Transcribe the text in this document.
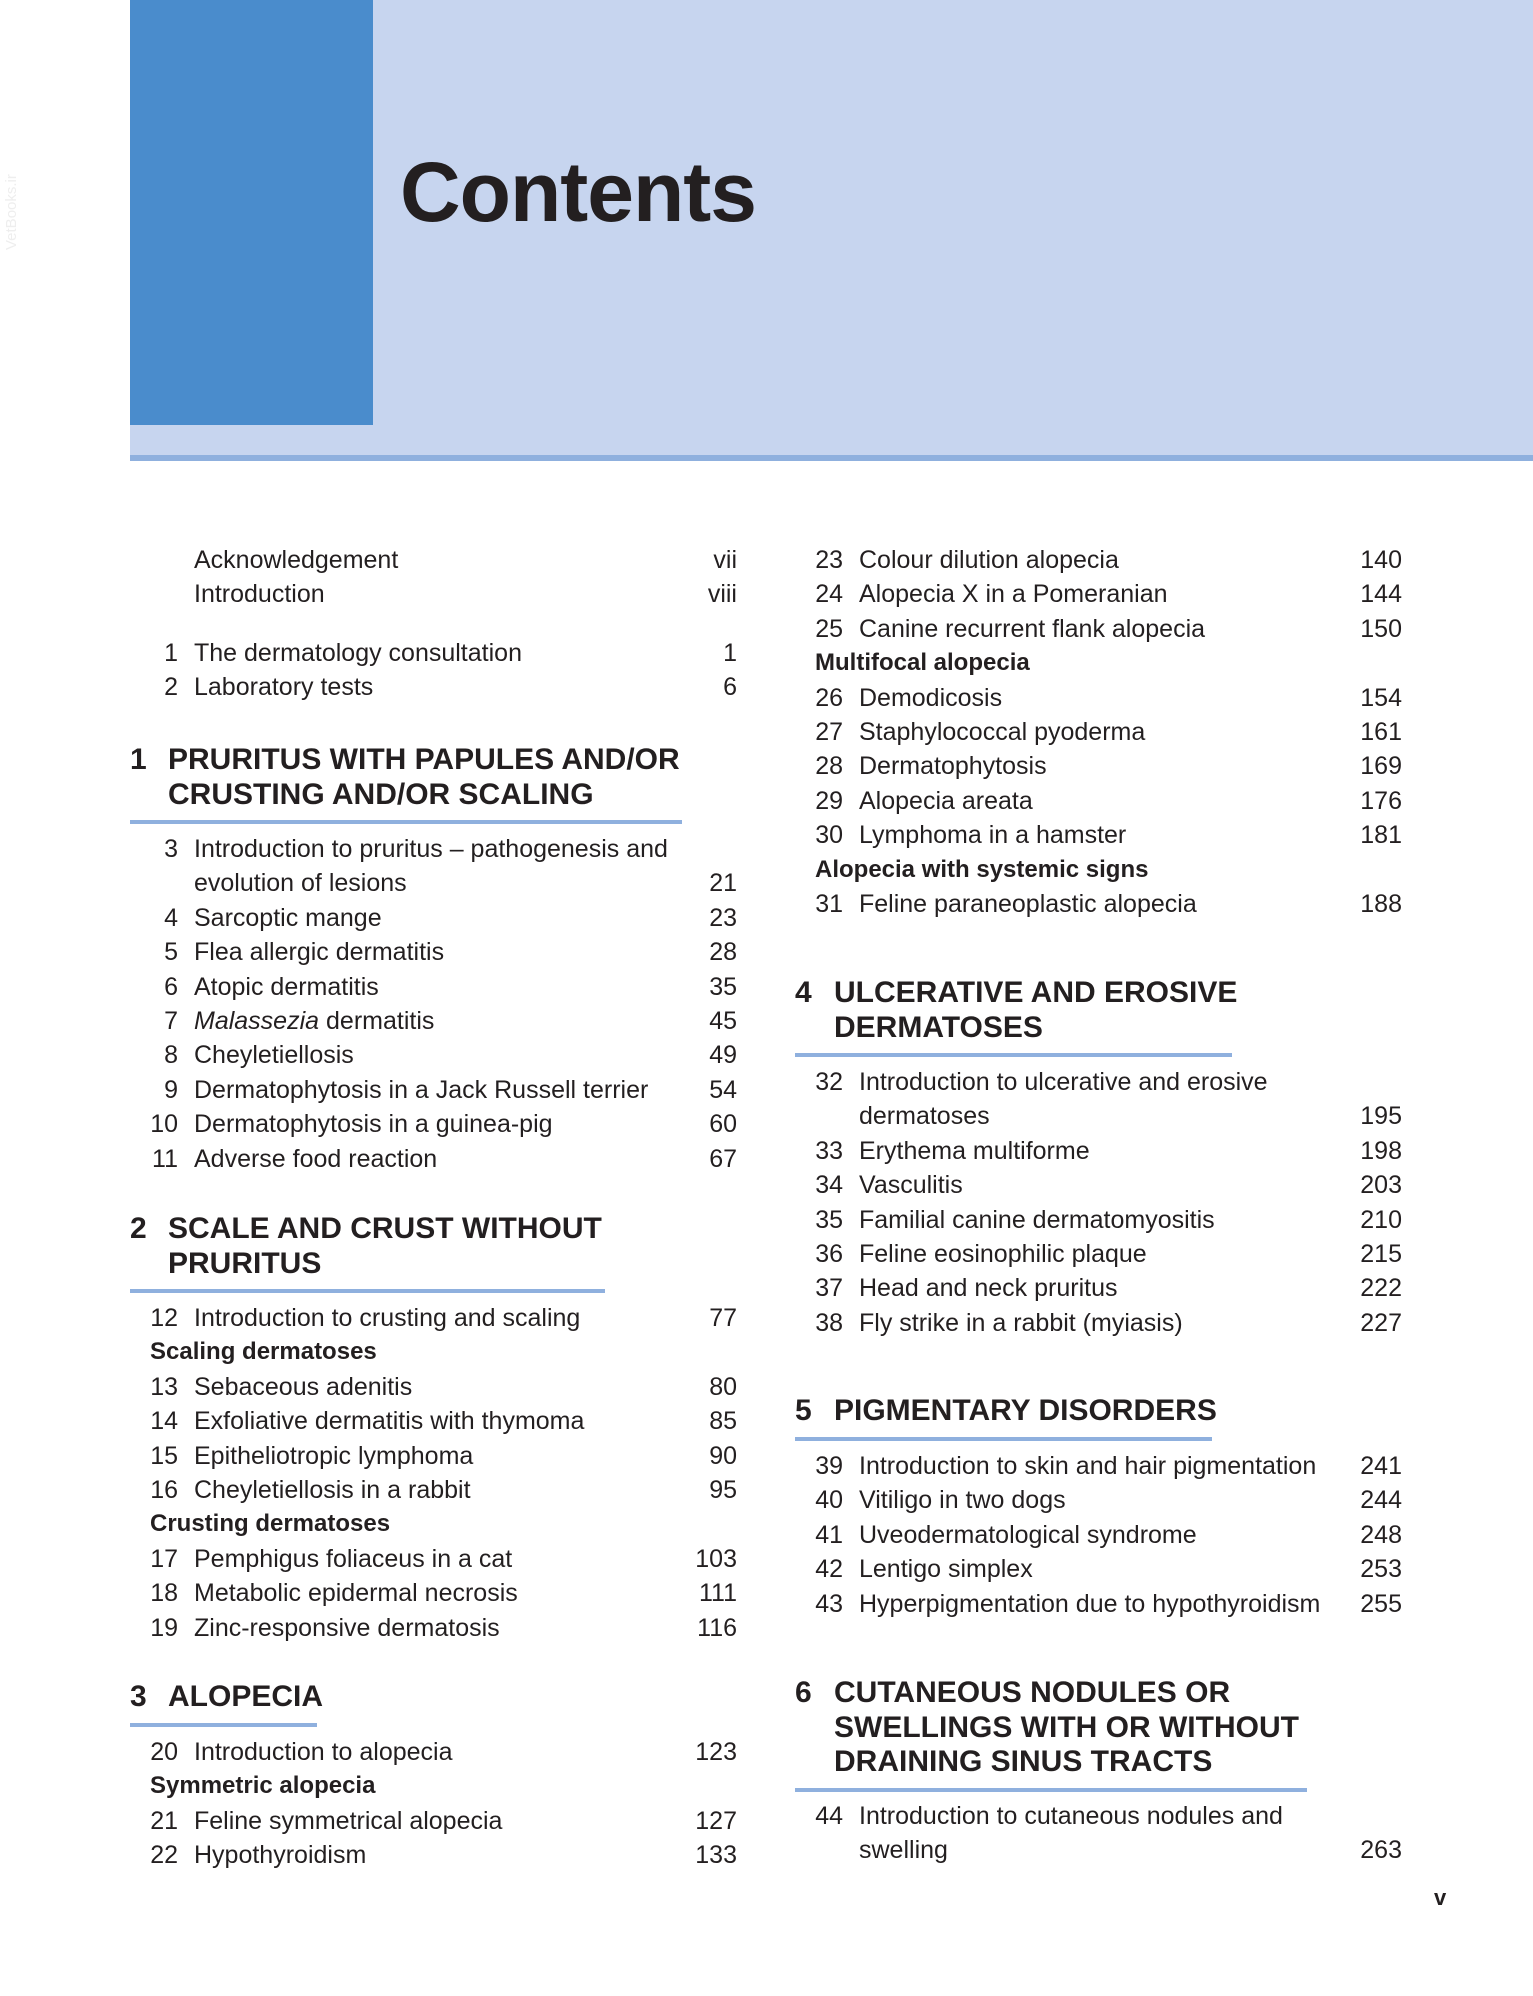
Contents
VetBooks.ir
Acknowledgement	vii
Introduction	viii
1 The dermatology consultation	1
2 Laboratory tests	6
1 PRURITUS WITH PAPULES AND/OR
CRUSTING AND/OR SCALING
3 Introduction to pruritus – pathogenesis and
evolution of lesions	21
4 Sarcoptic mange	23
5 Flea allergic dermatitis	28
6 Atopic dermatitis	35
7 Malassezia dermatitis	45
8 Cheyletiellosis	49
9 Dermatophytosis in a Jack Russell terrier 54
10 Dermatophytosis in a guinea-pig	60
11 Adverse food reaction	67
2 SCALE AND CRUST WITHOUT
PRURITUS
12 Introduction to crusting and scaling	77
Scaling dermatoses
13 Sebaceous adenitis	80
14 Exfoliative dermatitis with thymoma	85
15 Epitheliotropic lymphoma	90
16 Cheyletiellosis in a rabbit	95
Crusting dermatoses
17 Pemphigus foliaceus in a cat	103
18 Metabolic epidermal necrosis	111
19 Zinc-responsive dermatosis	116
3 ALOPECIA
20 Introduction to alopecia	123
Symmetric alopecia
21 Feline symmetrical alopecia	127
22 Hypothyroidism	133
23 Colour dilution alopecia	140
24 Alopecia X in a Pomeranian	144
25 Canine recurrent flank alopecia	150
Multifocal alopecia
26 Demodicosis	154
27 Staphylococcal pyoderma	161
28 Dermatophytosis	169
29 Alopecia areata	176
30 Lymphoma in a hamster	181
Alopecia with systemic signs
31 Feline paraneoplastic alopecia	188
4 ULCERATIVE AND EROSIVE
DERMATOSES
32 Introduction to ulcerative and erosive
dermatoses	195
33 Erythema multiforme	198
34 Vasculitis	203
35 Familial canine dermatomyositis	210
36 Feline eosinophilic plaque	215
37 Head and neck pruritus	222
38 Fly strike in a rabbit (myiasis)	227
5 PIGMENTARY DISORDERS
39 Introduction to skin and hair pigmentation 241
40 Vitiligo in two dogs	244
41 Uveodermatological syndrome	248
42 Lentigo simplex	253
43 Hyperpigmentation due to hypothyroidism 255
6 CUTANEOUS NODULES OR
SWELLINGS WITH OR WITHOUT
DRAINING SINUS TRACTS
44 Introduction to cutaneous nodules and
swelling	263
v
